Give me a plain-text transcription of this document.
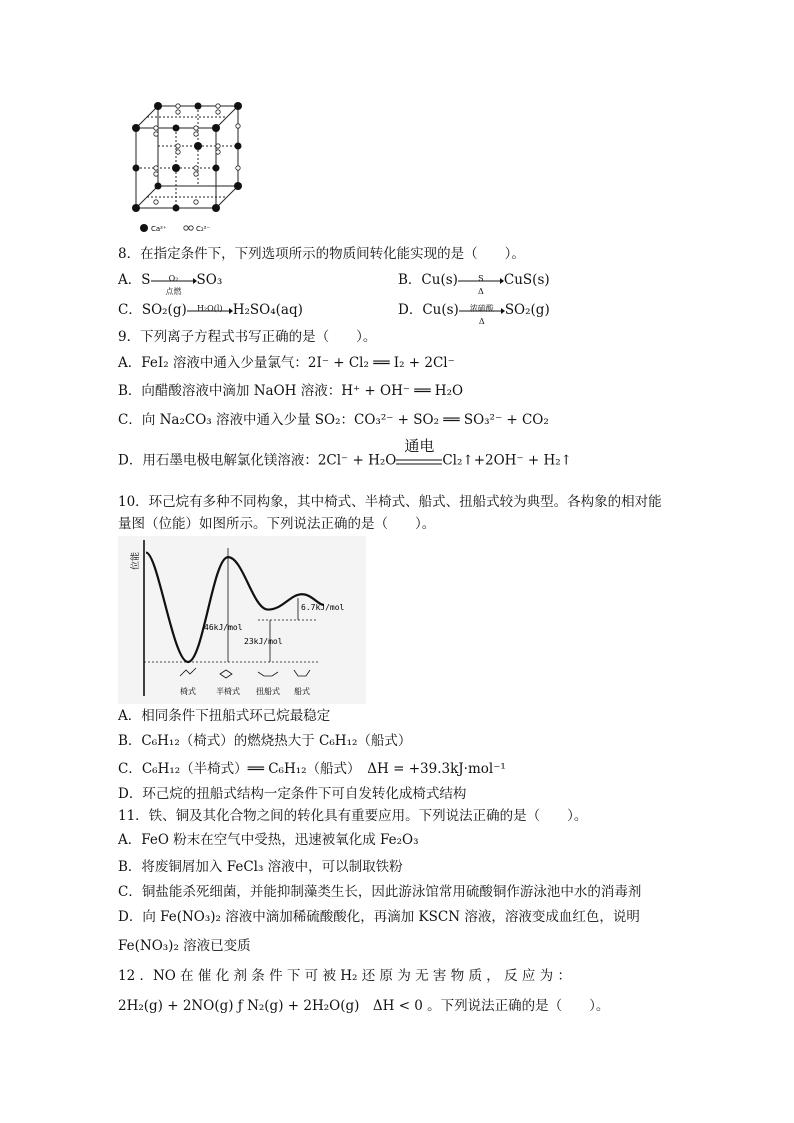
Ca²⁺	C₂²⁻
8．在指定条件下，下列选项所示的物质间转化能实现的是（　　）。
A．S	O₂
点燃
SO₃	B．Cu(s)	S
Δ
CuS(s)
C．SO₂(g)	H₂O(l) H₂SO₄(aq)	D．Cu(s)	浓硫酸
Δ
SO₂(g)
9．下列离子方程式书写正确的是（　　）。
A．FeI₂ 溶液中通入少量氯气：2I⁻ + Cl₂ ══ I₂ + 2Cl⁻
B．向醋酸溶液中滴加 NaOH 溶液：H⁺ + OH⁻ ══ H₂O
C．向 Na₂CO₃ 溶液中通入少量 SO₂：CO₃²⁻ + SO₂ ══ SO₃²⁻ + CO₂
D．用石墨电极电解氯化镁溶液：2Cl⁻ + H₂O
通电
Cl₂↑+2OH⁻ + H₂↑
10．环己烷有多种不同构象，其中椅式、半椅式、船式、扭船式较为典型。各构象的相对能
量图（位能）如图所示。下列说法正确的是（　　）。
位能
46kJ/mol
23kJ/mol
6.7kJ/mol
椅式	半椅式 扭船式 船式
A．相同条件下扭船式环己烷最稳定
B．C₆H₁₂（椅式）的燃烧热大于 C₆H₁₂（船式）
C．C₆H₁₂（半椅式）══ C₆H₁₂（船式）　ΔH = +39.3kJ·mol⁻¹
D．环己烷的扭船式结构一定条件下可自发转化成椅式结构
11．铁、铜及其化合物之间的转化具有重要应用。下列说法正确的是（　　）。
A．FeO 粉末在空气中受热，迅速被氧化成 Fe₂O₃
B．将废铜屑加入 FeCl₃ 溶液中，可以制取铁粉
C．铜盐能杀死细菌，并能抑制藻类生长，因此游泳馆常用硫酸铜作游泳池中水的消毒剂
D．向 Fe(NO₃)₂ 溶液中滴加稀硫酸酸化，再滴加 KSCN 溶液，溶液变成血红色，说明
Fe(NO₃)₂ 溶液已变质
12 ．NO 在 催 化 剂 条 件 下 可 被 H₂ 还 原 为 无 害 物 质 ， 反 应 为 ：
2H₂(g) + 2NO(g) ƒ N₂(g) + 2H₂O(g)　ΔH < 0 。下列说法正确的是（　　）。
